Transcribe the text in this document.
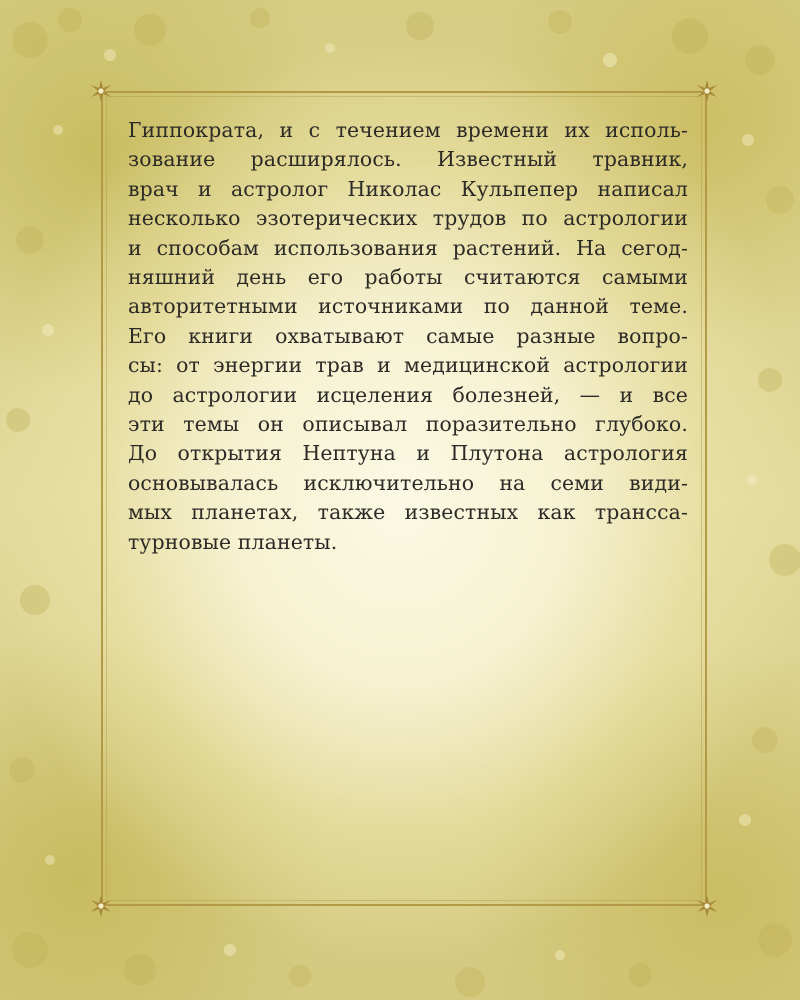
Гиппократа, и с течением времени их исполь-
зование расширялось. Известный травник,
врач и астролог Николас Кульпепер написал
несколько эзотерических трудов по астрологии
и способам использования растений. На сегод-
няшний день его работы считаются самыми
авторитетными источниками по данной теме.
Его книги охватывают самые разные вопро-
сы: от энергии трав и медицинской астрологии
до астрологии исцеления болезней, — и все
эти темы он описывал поразительно глубоко.
До открытия Нептуна и Плутона астрология
основывалась исключительно на семи види-
мых планетах, также известных как трансса-
турновые планеты.
